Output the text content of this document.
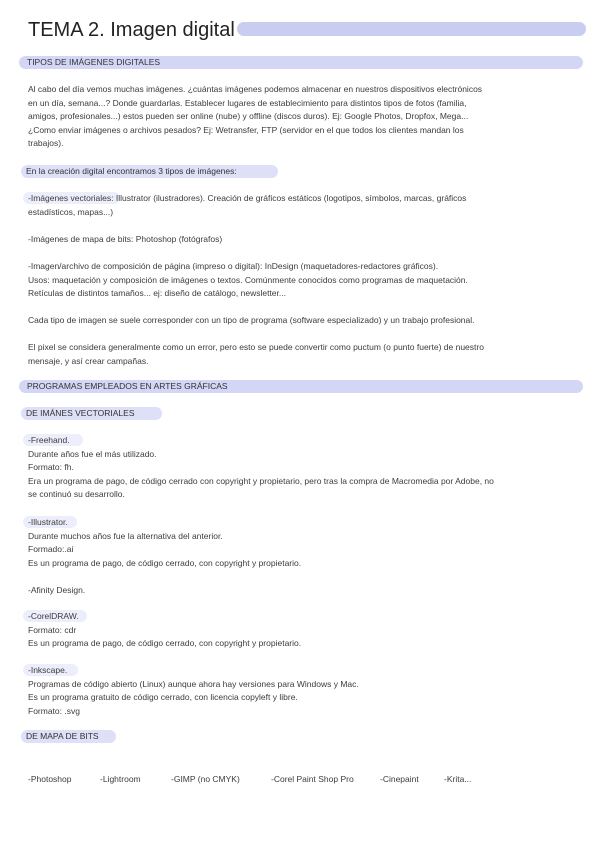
TEMA 2. Imagen digital
TIPOS DE IMÁGENES DIGITALES

Al cabo del día vemos muchas imágenes. ¿cuántas imágenes podemos almacenar en nuestros dispositivos electrónicos

en un día, semana...? Donde guardarlas. Establecer lugares de establecimiento para distintos tipos de fotos (familia,

amigos, profesionales...) estos pueden ser online (nube) y offline (discos duros). Ej: Google Photos, Dropfox, Mega...

¿Como enviar imágenes o archivos pesados? Ej: Wetransfer, FTP (servidor en el que todos los clientes mandan los

trabajos).

En la creación digital encontramos 3 tipos de imágenes:

-Imágenes vectoriales: Illustrator (ilustradores). Creación de gráficos estáticos (logotipos, símbolos, marcas, gráficos

estadísticos, mapas...)

-Imágenes de mapa de bits: Photoshop (fotógrafos)

-Imagen/archivo de composición de página (impreso o digital): InDesign (maquetadores-redactores gráficos).

Usos: maquetación y composición de imágenes o textos. Comúnmente conocidos como programas de maquetación.

Retículas de distintos tamaños... ej: diseño de catálogo, newsletter...

Cada tipo de imagen se suele corresponder con un tipo de programa (software especializado) y un trabajo profesional.

El pixel se considera generalmente como un error, pero esto se puede convertir como puctum (o punto fuerte) de nuestro

mensaje, y así crear campañas.

PROGRAMAS EMPLEADOS EN ARTES GRÁFICAS
DE IMÁNES VECTORIALES

-Freehand.

Durante años fue el más utilizado.

Formato: fh.

Era un programa de pago, de código cerrado con copyright y propietario, pero tras la compra de Macromedia por Adobe, no

se continuó su desarrollo.

-Illustrator.

Durante muchos años fue la alternativa del anterior.

Formado:.ai

Es un programa de pago, de código cerrado, con copyright y propietario.

-Afinity Design.

-CorelDRAW.

Formato: cdr

Es un programa de pago, de código cerrado, con copyright y propietario.

-Inkscape.

Programas de código abierto (Linux) aunque ahora hay versiones para Windows y Mac.

Es un programa gratuito de código cerrado, con licencia copyleft y libre.

Formato: .svg

DE MAPA DE BITS
-Photoshop	-Lightroom	-GIMP (no CMYK)	-Corel Paint Shop Pro	-Cinepaint	-Krita...
